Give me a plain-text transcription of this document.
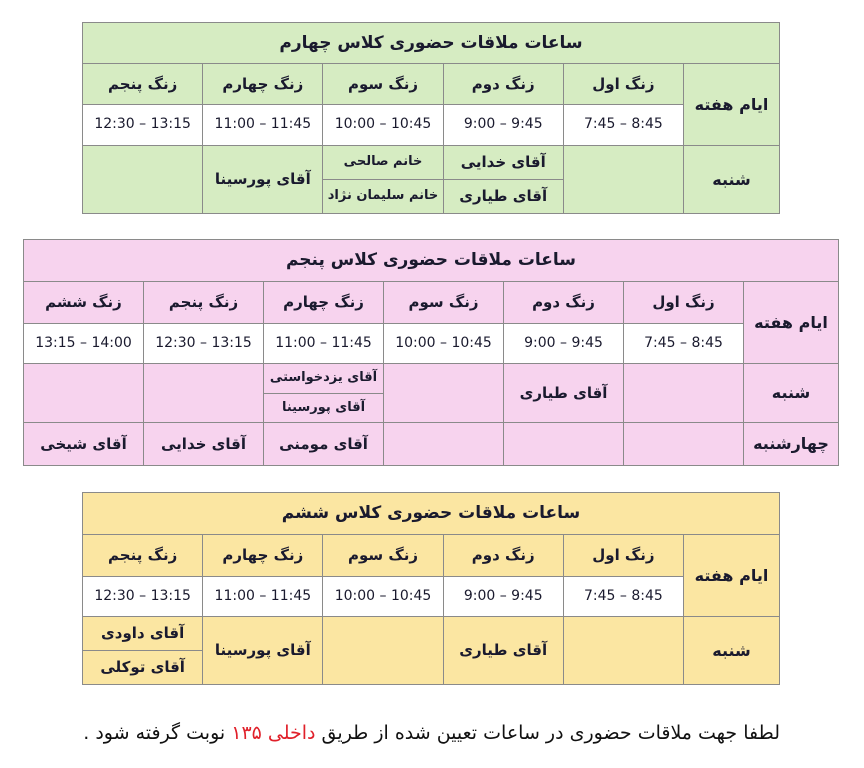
ساعات ملاقات حضوری کلاس چهارم					
ایام هفته	زنگ اول	زنگ دوم	زنگ سوم	زنگ چهارم	زنگ پنجم
	7:45 – 8:45	9:00 – 9:45	10:00 – 10:45	11:00 – 11:45	12:30 – 13:15
شنبه		آقای خدایی	خانم صالحی	آقای پورسینا	
		آقای طیاری	خانم سلیمان نژاد		
ساعات ملاقات حضوری کلاس پنجم						
ایام هفته	زنگ اول	زنگ دوم	زنگ سوم	زنگ چهارم	زنگ پنجم	زنگ ششم
	7:45 – 8:45	9:00 – 9:45	10:00 – 10:45	11:00 – 11:45	12:30 – 13:15	13:15 – 14:00
شنبه		آقای طیاری		آقای یزدخواستی		
				آقای پورسینا		
چهارشنبه				آقای مومنی	آقای خدایی	آقای شیخی
ساعات ملاقات حضوری کلاس ششم					
ایام هفته	زنگ اول	زنگ دوم	زنگ سوم	زنگ چهارم	زنگ پنجم
	7:45 – 8:45	9:00 – 9:45	10:00 – 10:45	11:00 – 11:45	12:30 – 13:15
شنبه		آقای طیاری		آقای پورسینا	آقای داودی
					آقای توکلی
لطفا جهت ملاقات حضوری در ساعات تعیین شده از طریق داخلی ۱۳۵ نوبت گرفته شود .
